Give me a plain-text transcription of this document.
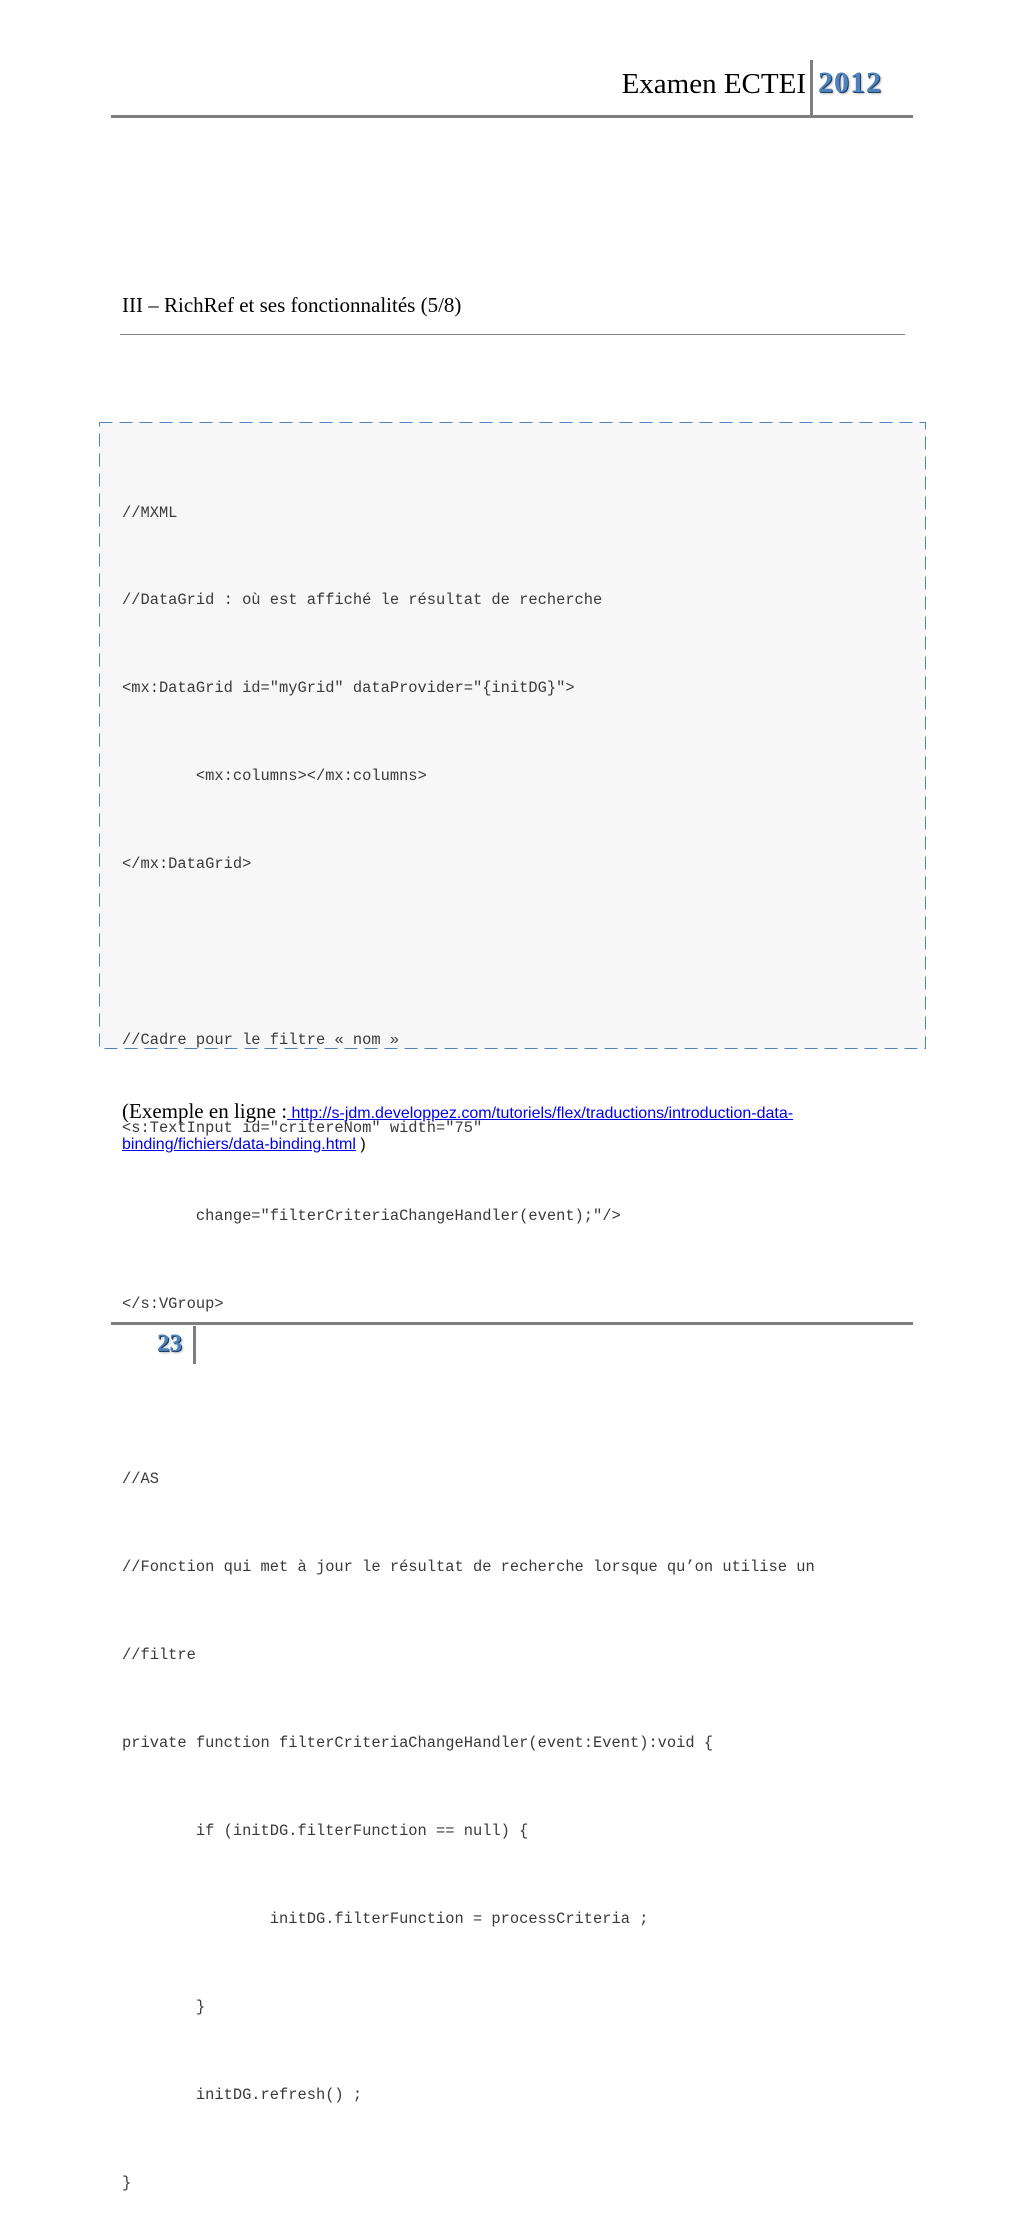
Examen ECTEI 2012
III – RichRef et ses fonctionnalités (5/8)

//MXML

//DataGrid : où est affiché le résultat de recherche

<mx:DataGrid id="myGrid" dataProvider="{initDG}">

<mx:columns></mx:columns>

</mx:DataGrid>

//Cadre pour le filtre « nom »

<s:TextInput id="critereNom" width="75"

change="filterCriteriaChangeHandler(event);"/>

</s:VGroup>

//AS

//Fonction qui met à jour le résultat de recherche lorsque qu’on utilise un

//filtre

private function filterCriteriaChangeHandler(event:Event):void {

if (initDG.filterFunction == null) {

initDG.filterFunction = processCriteria ;

}

initDG.refresh() ;

}

(Exemple en ligne : http://s-jdm.developpez.com/tutoriels/flex/traductions/introduction-data-binding/fichiers/data-binding.html )
23
